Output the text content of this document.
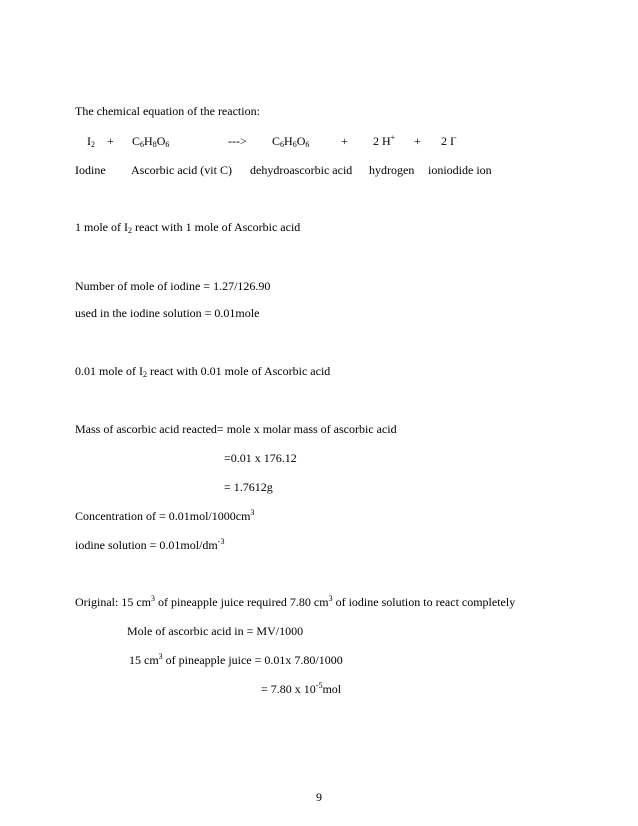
The chemical equation of the reaction:
$I_2 + C_6H_8O_6$	---> $C_6H_6O_6$	+ 2 H+ + 2 I-
Iodine Ascorbic acid (vit C) dehydroascorbic acid hydrogen ioniodide ion
1 mole of $I_2$ react with 1 mole of Ascorbic acid
Number of mole of iodine = 1.27/126.90
used in the iodine solution = 0.01mole
0.01 mole of $I_2$ react with 0.01 mole of Ascorbic acid
Mass of ascorbic acid reacted= mole x molar mass of ascorbic acid
=0.01 x 176.12
= 1.7612g
Concentration of = $0.01mol/1000cm^3$
iodine solution = $0.01mol/dm^{-3}$
Original: 15 $cm^3$ of pineapple juice required 7.80 $cm^3$ of iodine solution to react completely
Mole of ascorbic acid in = MV/1000
15 $cm^3$ of pineapple juice = 0.01x 7.80/1000
= 7.80 x $10^{-5}mol$
9
